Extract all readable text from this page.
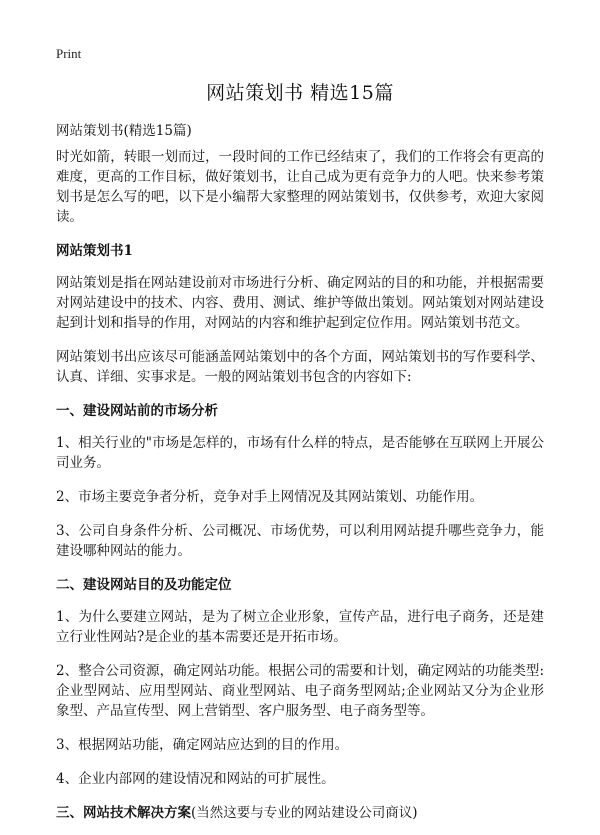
Print
网站策划书 精选15篇
网站策划书(精选15篇)

时光如箭，转眼一划而过，一段时间的工作已经结束了，我们的工作将会有更高的难度，更高的工作目标，做好策划书，让自己成为更有竞争力的人吧。快来参考策划书是怎么写的吧，以下是小编帮大家整理的网站策划书，仅供参考，欢迎大家阅读。

网站策划书1

网站策划是指在网站建设前对市场进行分析、确定网站的目的和功能，并根据需要对网站建设中的技术、内容、费用、测试、维护等做出策划。网站策划对网站建设起到计划和指导的作用，对网站的内容和维护起到定位作用。网站策划书范文。

网站策划书出应该尽可能涵盖网站策划中的各个方面，网站策划书的写作要科学、认真、详细、实事求是。一般的网站策划书包含的内容如下:

一、建设网站前的市场分析

1、相关行业的"市场是怎样的，市场有什么样的特点，是否能够在互联网上开展公司业务。

2、市场主要竞争者分析，竞争对手上网情况及其网站策划、功能作用。

3、公司自身条件分析、公司概况、市场优势，可以利用网站提升哪些竞争力，能建设哪种网站的能力。

二、建设网站目的及功能定位

1、为什么要建立网站，是为了树立企业形象，宣传产品，进行电子商务，还是建立行业性网站?是企业的基本需要还是开拓市场。

2、整合公司资源，确定网站功能。根据公司的需要和计划，确定网站的功能类型:企业型网站、应用型网站、商业型网站、电子商务型网站;企业网站又分为企业形象型、产品宣传型、网上营销型、客户服务型、电子商务型等。

3、根据网站功能，确定网站应达到的目的作用。

4、企业内部网的建设情况和网站的可扩展性。

三、网站技术解决方案(当然这要与专业的网站建设公司商议)
